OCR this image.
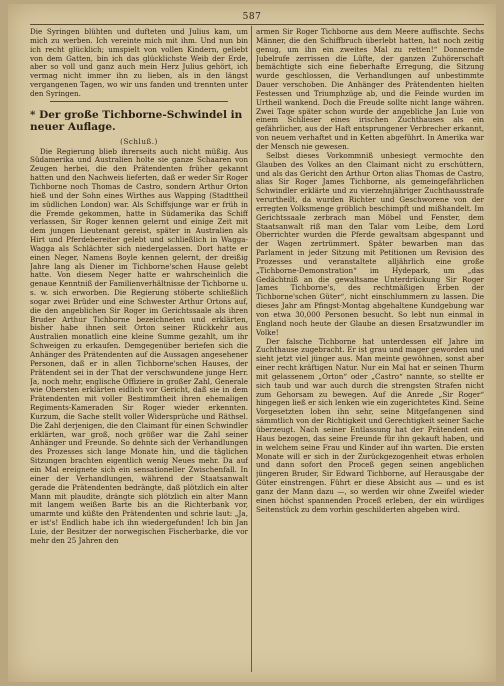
587

Die Syringen blühten und dufteten und Julius kam, um mich zu werben. Ich vereinte mich mit ihm. Und nun bin ich recht glücklich; umspielt von vollen Kindern, geliebt von dem Gatten, bin ich das glücklichste Weib der Erde, aber so voll und ganz auch mein Herz Julius gehört, ich vermag nicht immer ihn zu lieben, als in den längst vergangenen Tagen, wo wir uns fanden und trennten unter den Syringen.

* Der große Tichborne-Schwindel in neuer Auflage.
(Schluß.)

Die Regierung blieb ihrerseits auch nicht müßig. Aus Südamerika und Australien holte sie ganze Schaaren von Zeugen herbei, die den Prätendenten früher gekannt hatten und den Nachweis lieferten, daß er weder Sir Roger Tichborne noch Thomas de Castro, sondern Arthur Orton hieß und der Sohn eines Wirthes aus Wapping (Stadttheil im südlichen London) war. Als Schiffsjunge war er früh in die Fremde gekommen, hatte in Südamerika das Schiff verlassen, Sir Roger kennen gelernt und einige Zeit mit dem jungen Lieutenant gereist, später in Australien als Hirt und Pferdebereiter gelebt und schließlich in Wagga-Wagga als Schlächter sich niedergelassen. Dort hatte er einen Neger, Namens Boyle kennen gelernt, der dreißig Jahre lang als Diener im Tichborne'schen Hause gelebt hatte. Von diesem Neger hatte er wahrscheinlich die genaue Kenntniß der Familienverhältnisse der Tichborne u. s. w. sich erworben. Die Regierung stöberte schließlich sogar zwei Brüder und eine Schwester Arthur Ortons auf, die den angeblichen Sir Roger im Gerichtssaale als ihren Bruder Arthur Tichborne bezeichneten und erklärten, bisher habe ihnen seit Orton seiner Rückkehr aus Australien monatlich eine kleine Summe gezahlt, um ihr Schweigen zu erkaufen. Demgegenüber beriefen sich die Anhänger des Prätendenten auf die Aussagen angesehener Personen, daß er in allen Tichborne'schen Hauses, der Prätendent sei in der That der verschwundene junge Herr. Ja, noch mehr, englische Offiziere in großer Zahl, Generale wie Obersten erklärten eidlich vor Gericht, daß sie in dem Prätendenten mit voller Bestimmtheit ihren ehemaligen Regiments-Kameraden Sir Roger wieder erkennten. Kurzum, die Sache stellt voller Widersprüche und Räthsel. Die Zahl derjenigen, die den Claimant für einen Schwindler erklärten, war groß, noch größer war die Zahl seiner Anhänger und Freunde. So dehnte sich der Verhandlungen des Prozesses sich lange Monate hin, und die täglichen Sitzungen brachten eigentlich wenig Neues mehr. Da auf ein Mal ereignete sich ein sensationeller Zwischenfall. In einer der Verhandlungen, während der Staatsanwalt gerade die Prätendenten bedrängte, daß plötzlich ein alter Mann mit plaudite, drängte sich plötzlich ein alter Mann mit langem weißen Barte bis an die Richterbank vor, umarmte und küßte den Prätendenten und schrie laut: „Ja, er ist's! Endlich habe ich ihn wiedergefunden! Ich bin Jan Luie, der Besitzer der norwegischen Fischerbarke, die vor mehr den 25 Jahren den

armen Sir Roger Tichborne aus dem Meere auffischte. Sechs Männer, die den Schiffbruch überlebt hatten, hat noch zeitig genug, um ihn ein zweites Mal zu retten!“ Donnernde Jubelrufe zerrissen die Lüfte, der ganzen Zuhörerschaft bemächtigte sich eine fieberhafte Erregung, die Sitzung wurde geschlossen, die Verhandlungen auf unbestimmte Dauer verschoben. Die Anhänger des Prätendenten hielten Festessen und Triumphzüge ab, und die Feinde wurden im Urtheil wankend. Doch die Freude sollte nicht lange währen. Zwei Tage später schon wurde der angebliche Jan Luie von einem Schlieser eines irischen Zuchthauses als ein gefährlicher, aus der Haft entsprungener Verbrecher erkannt, von neuem verhaftet und in Ketten abgeführt. In Amerika war der Mensch nie gewesen.

Selbst dieses Vorkommniß unbesiegt vermochte den Glauben des Volkes an den Claimant nicht zu erschüttern, und als das Gericht den Arthur Orton alias Thomas de Castro, alias Sir Roger James Tichborne, als gemeingefährlichen Schwindler erklärte und zu vierzehnjähriger Zuchthausstrafe verurtheilt, da wurden Richter und Geschworene von der erregten Volksmenge gröblich beschimpft und mißhandelt. Im Gerichtssaale zerbrach man Möbel und Fenster, dem Staatsanwalt riß man den Talar vom Leibe, dem Lord Oberrichter wurden die Pferde gewaltsam abgespannt und der Wagen zertrümmert. Später bewarben man das Parlament in jeder Sitzung mit Petitionen um Revision des Prozesses und veranstaltete alljährlich eine große „Tichborne-Demonstration“ im Hydepark, um „das Gedächtniß an die gewaltsame Unterdrückung Sir Roger James Tichborne's, des rechtmäßigen Erben der Tichborne'schen Güter“, nicht einschlummern zu lassen. Die dieses Jahr am Pfingst-Montag abgehaltene Kundgebung war von etwa 30,000 Personen besucht. So lebt nun einmal in England noch heute der Glaube an diesen Ersatzwundler im Volke!

Der falsche Tichborne hat unterdessen elf Jahre im Zuchthause zugebracht. Er ist grau und mager geworden und sieht jetzt viel jünger aus. Man meinte gewöhnen, sonst aber einer recht kräftigen Natur. Nur ein Mal hat er seinen Thurm mit gelassenem „Orton“ oder „Castro“ nannte, so stellte er sich taub und war auch durch die strengsten Strafen nicht zum Gehorsam zu bewegen. Auf die Anrede „Sir Roger“ hingegen ließ er sich lenken wie ein zugerichtetes Kind. Seine Vorgesetzten loben ihn sehr, seine Mitgefangenen sind sämmtlich von der Richtigkeit und Gerechtigkeit seiner Sache überzeugt. Nach seiner Entlassung hat der Prätendent ein Haus bezogen, das seine Freunde für ihn gekauft haben, und in welchem seine Frau und Kinder auf ihn warten. Die ersten Monate will er sich in der Zurückgezogenheit etwas erholen und dann sofort den Proceß gegen seinen angeblichen jüngeren Bruder, Sir Edward Tichborne, auf Herausgabe der Güter einstrengen. Führt er diese Absicht aus — und es ist ganz der Mann dazu —, so werden wir ohne Zweifel wieder einen höchst spannenden Proceß erleben, der ein würdiges Seitenstück zu dem vorhin geschilderten abgeben wird.
